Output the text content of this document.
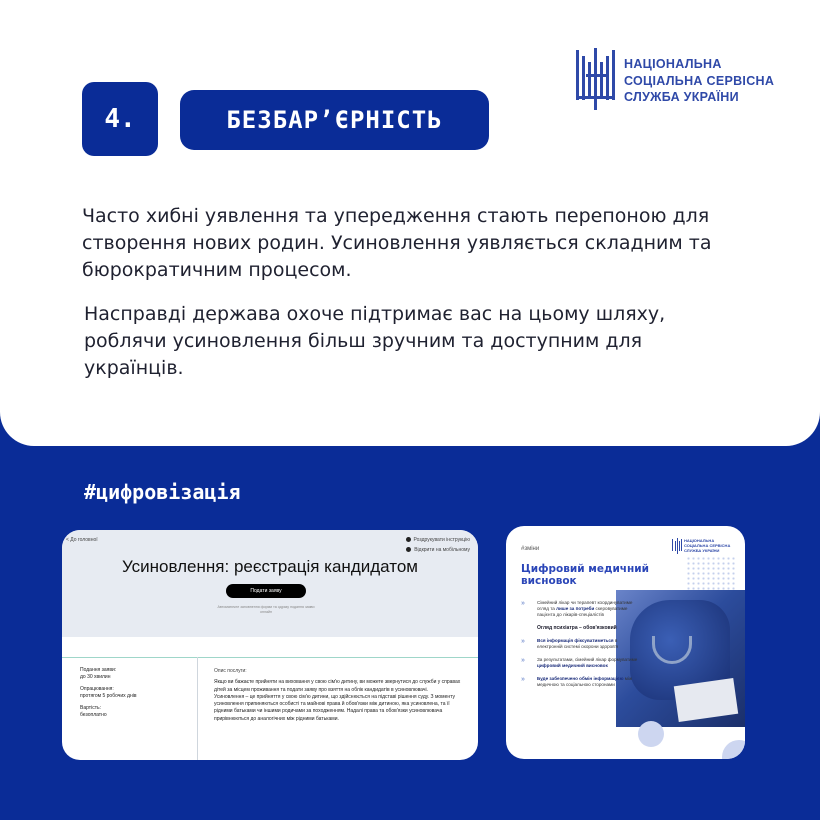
4.	БЕЗБАР’ЄРНІСТЬ
НАЦІОНАЛЬНА
СОЦІАЛЬНА СЕРВІСНА
СЛУЖБА УКРАЇНИ

Часто хибні уявлення та упередження стають перепоною для створення нових родин. Усиновлення уявляється складним та бюрократичним процесом.

Насправді держава охоче підтримає вас на цьому шляху, роблячи усиновлення більш зручним та доступним для українців.

#цифровізація
< До головної	Роздрукувати інструкцію
Відкрити на мобільному
Усиновлення: реєстрація кандидатом
Подати заяву
Автоматичне заповнення форми та одразу подання заяви онлайн
Подання заяви:
до 30 хвилин
Опрацювання:
протягом 5 робочих днів
Вартість:
безоплатно
Опис послуги:
Якщо ви бажаєте прийняти на виховання у свою сім'ю дитину, ви можете звернутися до служби у справах дітей за місцем проживання та подати заяву про взяття на облік кандидатів в усиновлювачі.
Усиновлення – це прийняття у свою сім'ю дитини, що здійснюється на підставі рішення суду. З моменту усиновлення припиняються особисті та майнові права й обов'язки між дитиною, яка усиновлена, та її рідними батьками чи іншими родичами за походженням. Надалі права та обов'язки усиновлювача прирівнюються до аналогічних між рідними батьками.
#зміни
НАЦІОНАЛЬНА
СОЦІАЛЬНА СЕРВІСНА
СЛУЖБА УКРАЇНИ
Цифровий медичний висновок
»	Сімейний лікар чи терапевт координуватиме огляд та лише за потреби скеровуватиме пацієнта до лікарів-спеціалістів
Огляд психіатра – обов'язковий
»	Вся інформація фіксуватиметься в електронній системі охорони здоров'я
»	За результатами, сімейний лікар формуватиме цифровий медичний висновок
»	Буде забезпечено обмін інформацією між медичною та соціальною сторонами
